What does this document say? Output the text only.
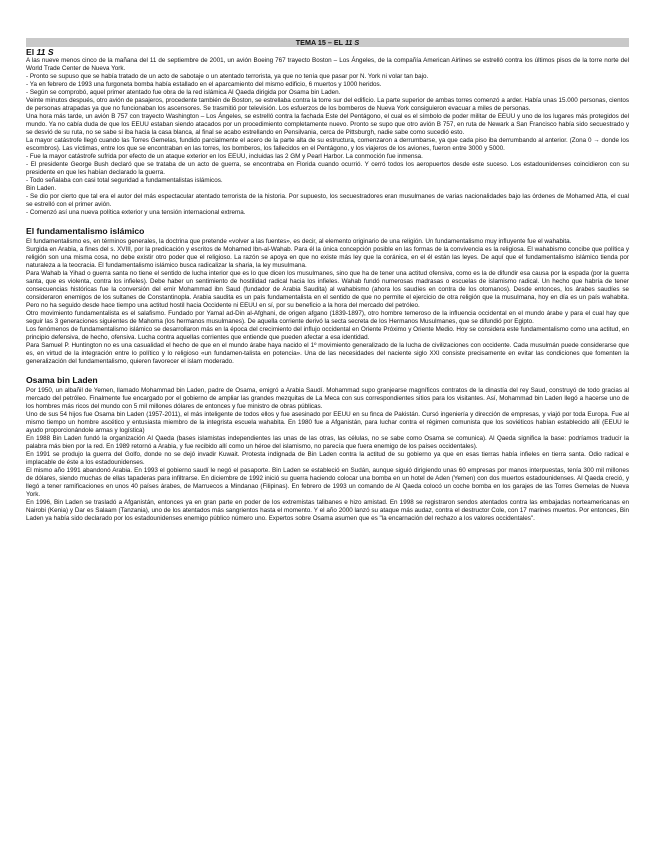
TEMA 15 – EL 11 S
El 11 S

A las nueve menos cinco de la mañana del 11 de septiembre de 2001, un avión Boeing 767 trayecto Boston – Los Ángeles, de la compañía American Airlines se estrelló contra los últimos pisos de la torre norte del World Trade Center de Nueva York.

- Pronto se supuso que se había tratado de un acto de sabotaje o un atentado terrorista, ya que no tenía que pasar por N. York ni volar tan bajo.

- Ya en febrero de 1993 una furgoneta bomba había estallado en el aparcamiento del mismo edificio, 6 muertos y 1000 heridos.

- Según se comprobó, aquel primer atentado fue obra de la red islámica Al Qaeda dirigida por Osama bin Laden.

Veinte minutos después, otro avión de pasajeros, procedente también de Boston, se estrellaba contra la torre sur del edificio. La parte superior de ambas torres comenzó a arder. Había unas 15.000 personas, cientos de personas atrapadas ya que no funcionaban los ascensores. Se trasmitió por televisión. Los esfuerzos de los bomberos de Nueva York consiguieron evacuar a miles de personas.

Una hora más tarde, un avión B 757 con trayecto Washington – Los Ángeles, se estrelló contra la fachada Este del Pentágono, el cual es el símbolo de poder militar de EEUU y uno de los lugares más protegidos del mundo. Ya no cabía duda de que los EEUU estaban siendo atacados por un procedimiento completamente nuevo. Pronto se supo que otro avión B 757, en ruta de Newark a San Francisco había sido secuestrado y se desvió de su ruta, no se sabe si iba hacia la casa blanca, al final se acabo estrellando en Pensilvania, cerca de Pittsburgh, nadie sabe como sucedió esto.

La mayor catástrofe llegó cuando las Torres Gemelas, fundido parcialmente el acero de la parte alta de su estructura, comenzaron a derrumbarse, ya que cada piso iba derrumbando al anterior. (Zona 0 → donde los escombros). Las víctimas, entre los que se encontraban en las torres, los bomberos, los fallecidos en el Pentágono, y los viajeros de los aviones, fueron entre 3000 y 5000.

- Fue la mayor catástrofe sufrida por efecto de un ataque exterior en los EEUU, incluidas las 2 GM y Pearl Harbor. La conmoción fue inmensa.

- El presidente George Bush declaró que se trataba de un acto de guerra, se encontraba en Florida cuando ocurrió. Y cerró todos los aeropuertos desde este suceso. Los estadounidenses coincidieron con su presidente en que les habían declarado la guerra.

- Todo señalaba con casi total seguridad a fundamentalistas islámicos.

Bin Laden.

- Se dio por cierto que tal era el autor del más espectacular atentado terrorista de la historia. Por supuesto, los secuestradores eran musulmanes de varias nacionalidades bajo las órdenes de Mohamed Atta, el cual se estrelló con el primer avión.

- Comenzó así una nueva política exterior y una tensión internacional extrema.

El fundamentalismo islámico

El fundamentalismo es, en términos generales, la doctrina que pretende «volver a las fuentes», es decir, al elemento originario de una religión. Un fundamentalismo muy influyente fue el wahabita.

Surgida en Arabia, a fines del s. XVIII, por la predicación y escritos de Mohamed Ibn-al-Wahab. Para él la única concepción posible en las formas de la convivencia es la religiosa. El wahabismo concibe que política y religión son una misma cosa, no debe existir otro poder que el religioso. La razón se apoya en que no existe más ley que la coránica, en el él están las leyes. De aquí que el fundamentalismo islámico tienda por naturaleza a la teocracia. El fundamentalismo islámico busca radicalizar la sharia, la ley musulmana.

Para Wahab la Yihad o guerra santa no tiene el sentido de lucha interior que es lo que dicen los musulmanes, sino que ha de tener una actitud ofensiva, como es la de difundir esa causa por la espada (por la guerra santa, que es violenta, contra los infieles). Debe haber un sentimiento de hostilidad radical hacia los infieles. Wahab fundó numerosas madrasas o escuelas de islamismo radical. Un hecho que habría de tener consecuencias históricas fue la conversión del emir Mohammad ibn Saud (fundador de Arabia Saudita) al wahabismo (ahora los saudíes en contra de los otomanos). Desde entonces, los árabes saudíes se consideraron enemigos de los sultanes de Constantinopla. Arabia saudita es un país fundamentalista en el sentido de que no permite el ejercicio de otra religión que la musulmana, hoy en día es un país wahabita. Pero no ha seguido desde hace tiempo una actitud hostil hacia Occidente ni EEUU en sí, por su beneficio a la hora del mercado del petróleo.

Otro movimiento fundamentalista es el salafismo. Fundado por Yamal ad-Din al-Afghani, de origen afgano (1839-1897), otro hombre temeroso de la influencia occidental en el mundo árabe y para el cual hay que seguir las 3 generaciones siguientes de Mahoma (los hermanos musulmanes). De aquella corriente derivó la secta secreta de los Hermanos Musulmanes, que se difundió por Egipto.

Los fenómenos de fundamentalismo islámico se desarrollaron más en la época del crecimiento del influjo occidental en Oriente Próximo y Oriente Medio. Hoy se considera este fundamentalismo como una actitud, en principio defensiva, de hecho, ofensiva. Lucha contra aquellas corrientes que entiende que pueden afectar a esa identidad.

Para Samuel P. Huntington no es una casualidad el hecho de que en el mundo árabe haya nacido el 1º movimiento generalizado de la lucha de civilizaciones con occidente. Cada musulmán puede considerarse que es, en virtud de la integración entre lo político y lo religioso «un fundamen-talista en potencia». Una de las necesidades del naciente siglo XXI consiste precisamente en evitar las condiciones que fomenten la generalización del fundamentalismo, quieren favorecer el islam moderado.

Osama bin Laden

Por 1950, un albañil de Yemen, llamado Mohammad bin Laden, padre de Osama, emigró a Arabia Saudí. Mohammad supo granjearse magníficos contratos de la dinastía del rey Saud, construyó de todo gracias al mercado del petróleo. Finalmente fue encargado por el gobierno de ampliar las grandes mezquitas de La Meca con sus correspondientes sitios para los visitantes. Así, Mohammad bin Laden llegó a hacerse uno de los hombres más ricos del mundo con 5 mil millones dólares de entonces y fue ministro de obras públicas.

Uno de sus 54 hijos fue Osama bin Laden (1957-2011), el más inteligente de todos ellos y fue asesinado por EEUU en su finca de Pakistán. Cursó ingeniería y dirección de empresas, y viajó por toda Europa. Fue al mismo tiempo un hombre ascético y entusiasta miembro de la integrista escuela wahabita. En 1980 fue a Afganistán, para luchar contra el régimen comunista que los soviéticos habían establecido allí (EEUU le ayudo proporcionándole armas y logística)

En 1988 Bin Laden fundó la organización Al Qaeda (bases islamistas independientes las unas de las otras, las células, no se sabe como Osama se comunica). Al Qaeda significa la base: podríamos traducir la palabra más bien por la red. En 1989 retornó a Arabia, y fue recibido allí como un héroe del islamismo, no parecía que fuera enemigo de los países occidentales).

En 1991 se produjo la guerra del Golfo, donde no se dejó invadir Kuwait. Protesta indignada de Bin Laden contra la actitud de su gobierno ya que en esas tierras había infieles en tierra santa. Odio radical e implacable de éste a los estadounidenses.

El mismo año 1991 abandonó Arabia. En 1993 el gobierno saudí le negó el pasaporte. Bin Laden se estableció en Sudán, aunque siguió dirigiendo unas 60 empresas por manos interpuestas, tenía 300 mil millones de dólares, siendo muchas de ellas tapaderas para infiltrarse. En diciembre de 1992 inició su guerra haciendo colocar una bomba en un hotel de Aden (Yemen) con dos muertos estadounidenses. Al Qaeda creció, y llegó a tener ramificaciones en unos 40 países árabes, de Marruecos a Mindanao (Filipinas). En febrero de 1993 un comando de Al Qaeda colocó un coche bomba en los garajes de las Torres Gemelas de Nueva York.

En 1996, Bin Laden se trasladó a Afganistán, entonces ya en gran parte en poder de los extremistas talibanes e hizo amistad. En 1998 se registraron sendos atentados contra las embajadas norteamericanas en Nairobi (Kenia) y Dar es Salaam (Tanzania), uno de los atentados más sangrientos hasta el momento. Y el año 2000 lanzó su ataque más audaz, contra el destructor Cole, con 17 marines muertos. Por entonces, Bin Laden ya había sido declarado por los estadounidenses enemigo público número uno. Expertos sobre Osama asumen que es "la encarnación del rechazo a los valores occidentales".
